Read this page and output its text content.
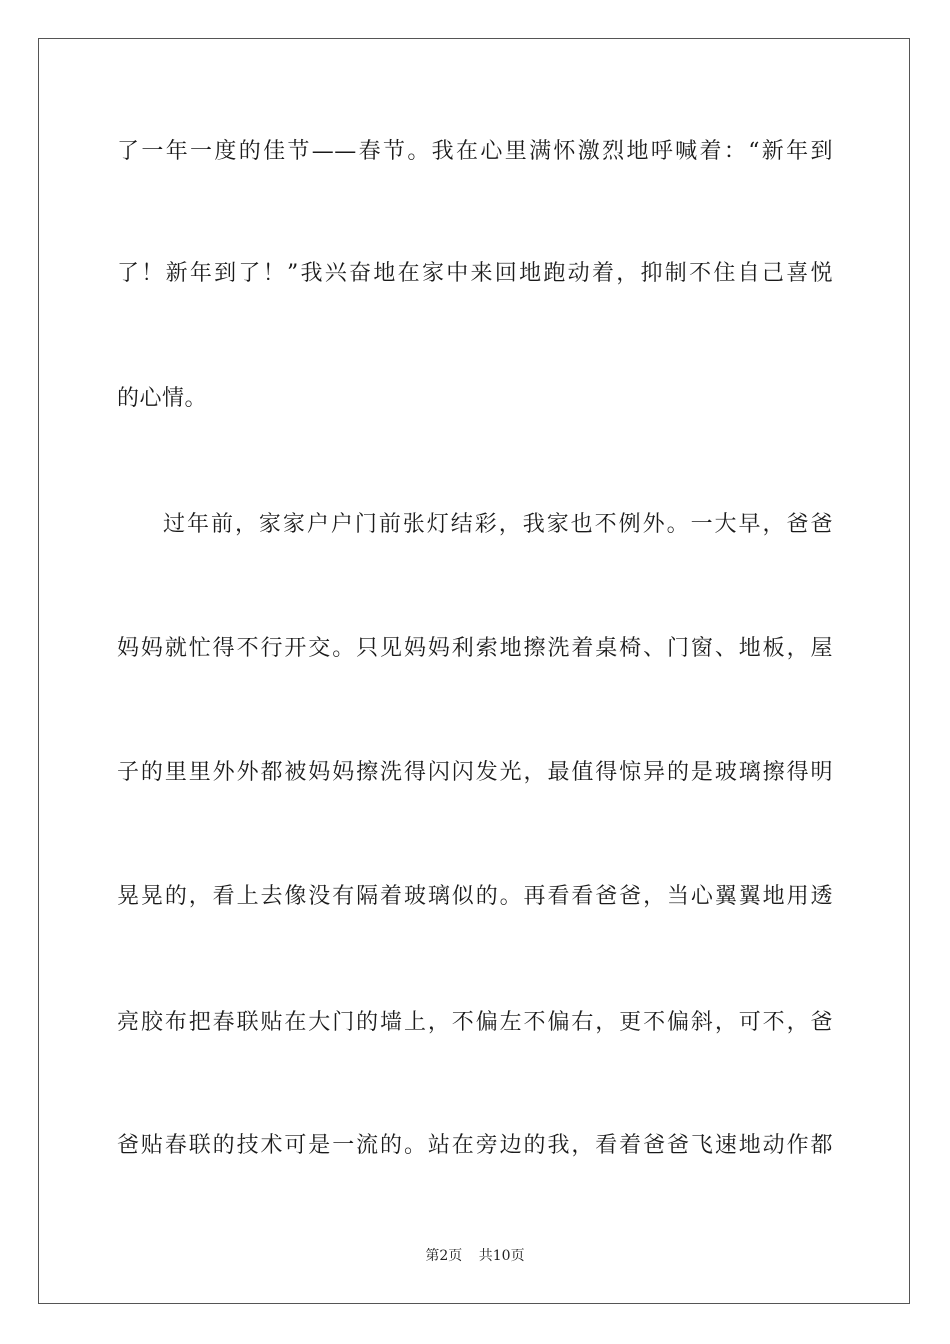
了一年一度的佳节——春节。我在心里满怀激烈地呼喊着：“新年到
了！新年到了！”我兴奋地在家中来回地跑动着，抑制不住自己喜悦
的心情。
过年前，家家户户门前张灯结彩，我家也不例外。一大早，爸爸
妈妈就忙得不行开交。只见妈妈利索地擦洗着桌椅、门窗、地板，屋
子的里里外外都被妈妈擦洗得闪闪发光，最值得惊异的是玻璃擦得明
晃晃的，看上去像没有隔着玻璃似的。再看看爸爸，当心翼翼地用透
亮胶布把春联贴在大门的墙上，不偏左不偏右，更不偏斜，可不，爸
爸贴春联的技术可是一流的。站在旁边的我，看着爸爸飞速地动作都
第2页 共10页
